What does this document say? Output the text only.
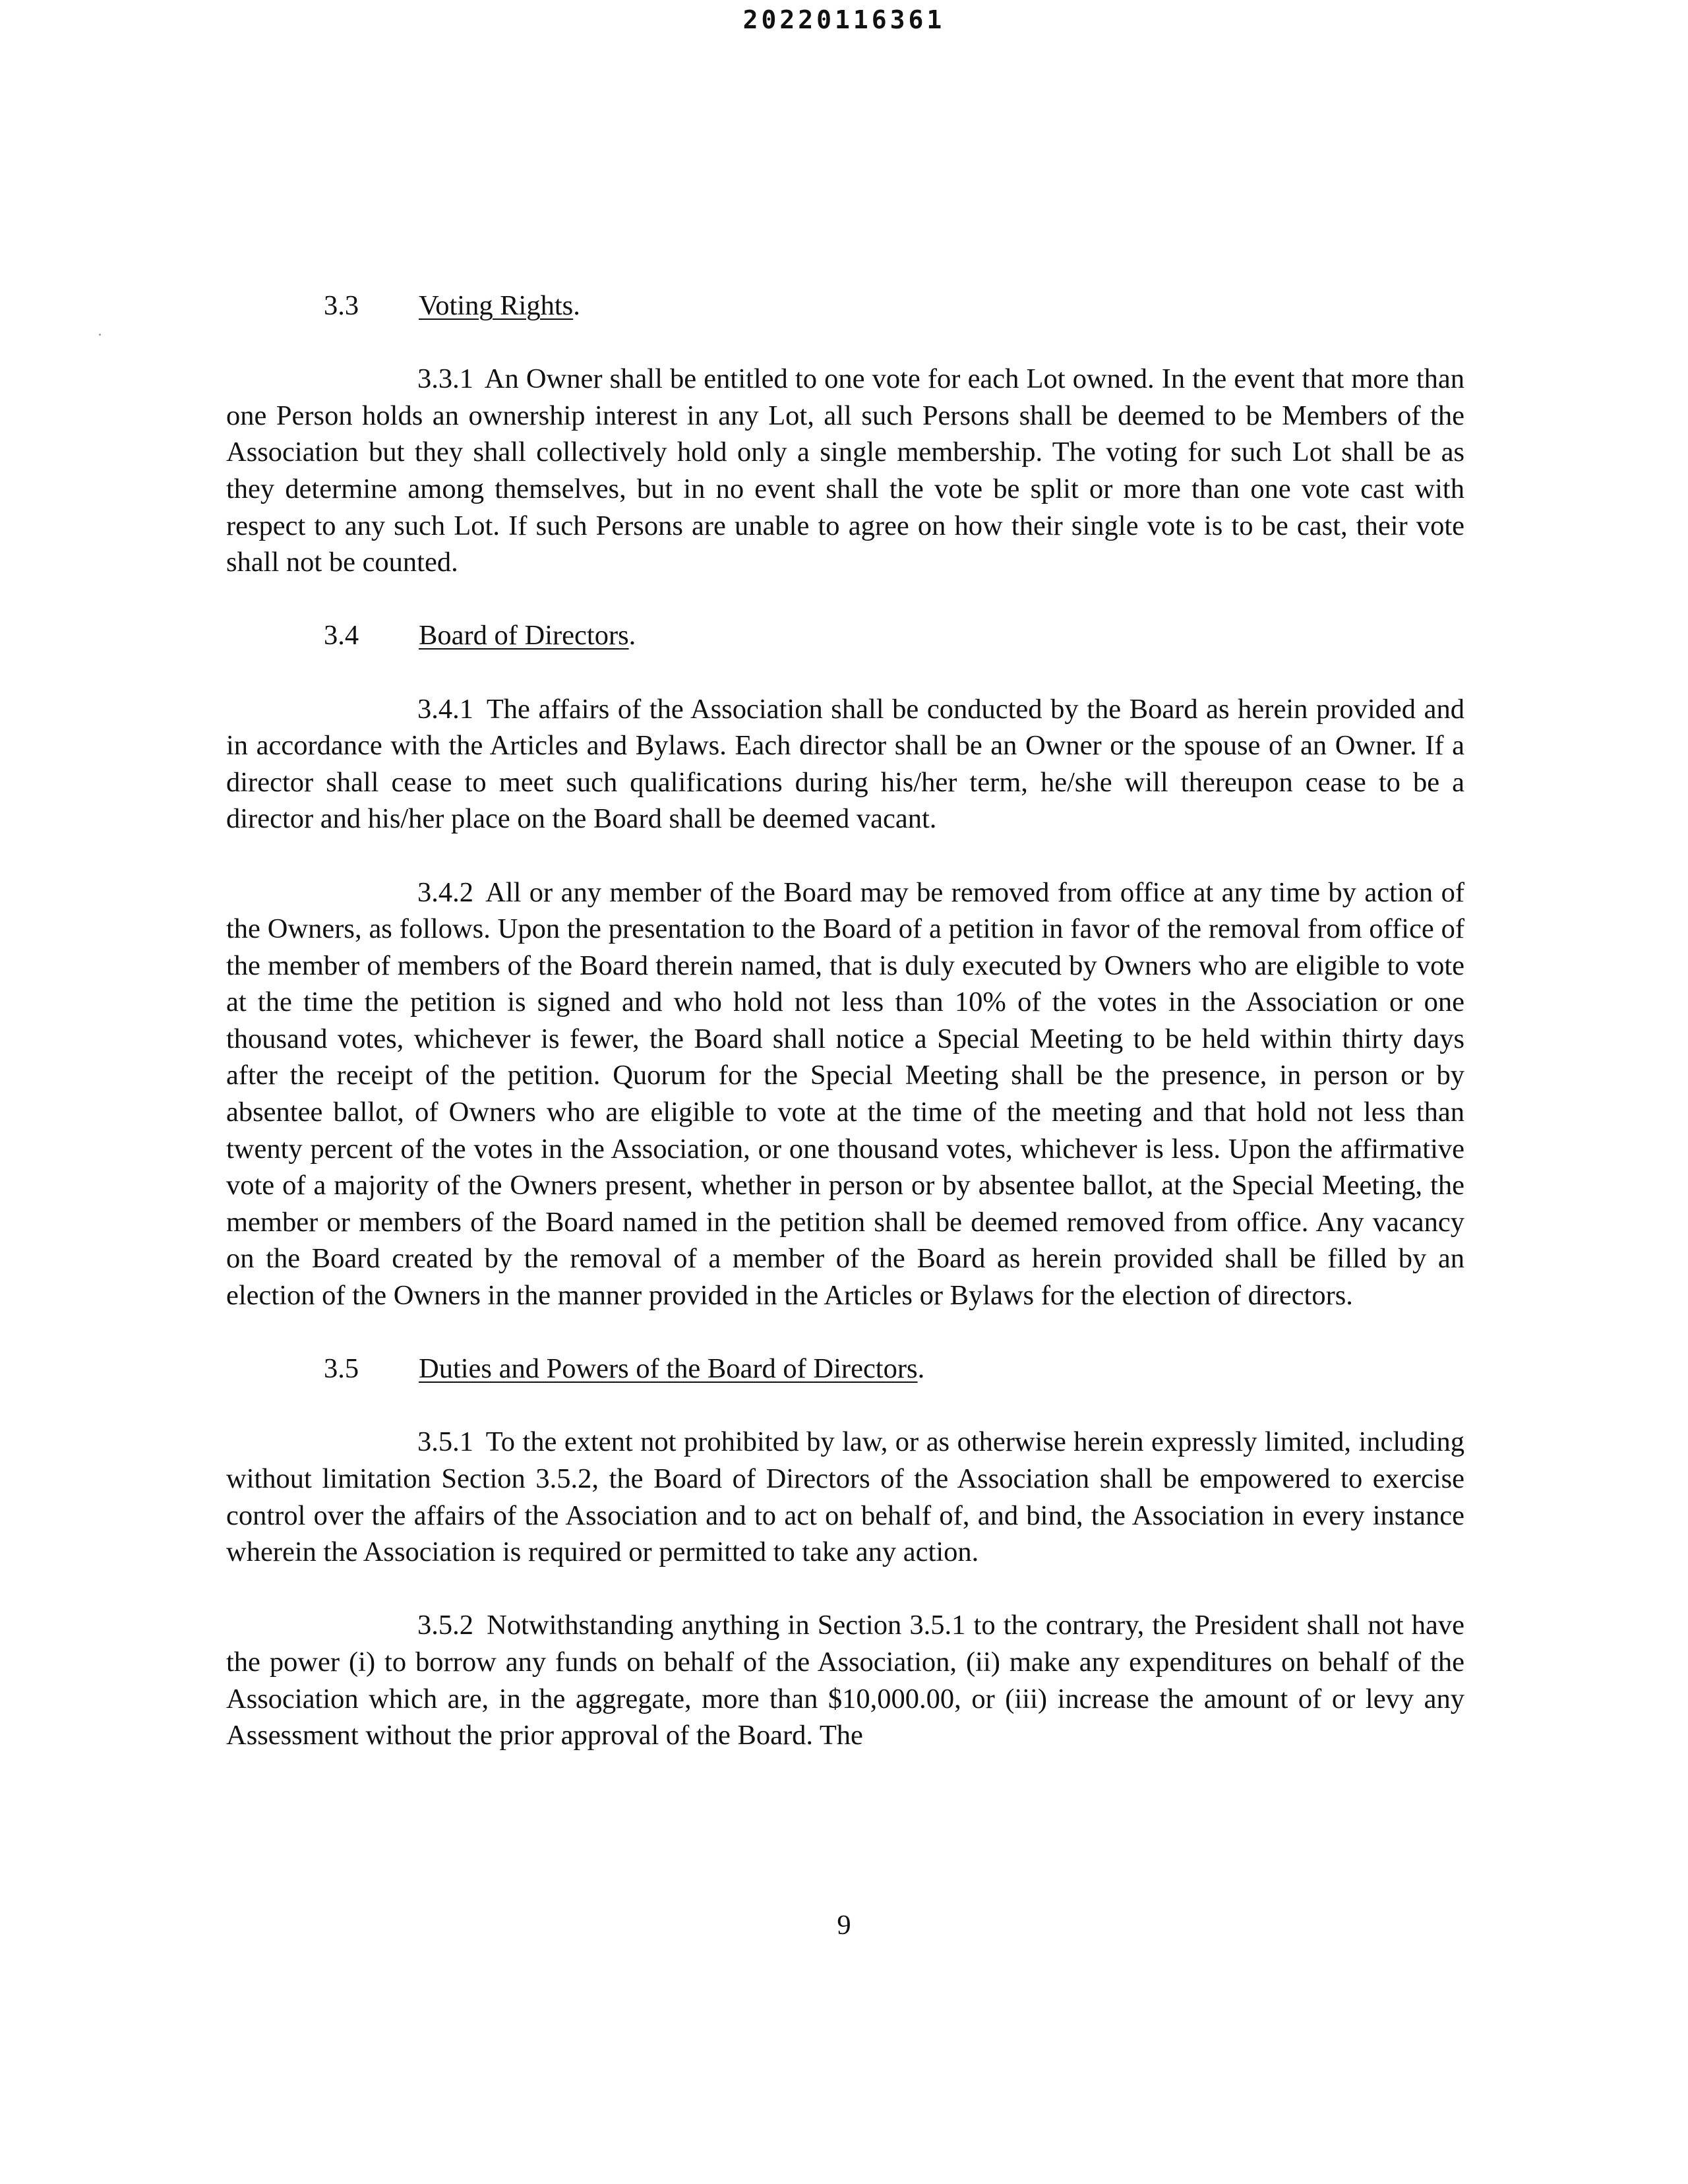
20220116361
3.3 Voting Rights.

3.3.1 An Owner shall be entitled to one vote for each Lot owned. In the event that more than one Person holds an ownership interest in any Lot, all such Persons shall be deemed to be Members of the Association but they shall collectively hold only a single membership. The voting for such Lot shall be as they determine among themselves, but in no event shall the vote be split or more than one vote cast with respect to any such Lot. If such Persons are unable to agree on how their single vote is to be cast, their vote shall not be counted.

3.4 Board of Directors.

3.4.1 The affairs of the Association shall be conducted by the Board as herein provided and in accordance with the Articles and Bylaws. Each director shall be an Owner or the spouse of an Owner. If a director shall cease to meet such qualifications during his/her term, he/she will thereupon cease to be a director and his/her place on the Board shall be deemed vacant.

3.4.2 All or any member of the Board may be removed from office at any time by action of the Owners, as follows. Upon the presentation to the Board of a petition in favor of the removal from office of the member of members of the Board therein named, that is duly executed by Owners who are eligible to vote at the time the petition is signed and who hold not less than 10% of the votes in the Association or one thousand votes, whichever is fewer, the Board shall notice a Special Meeting to be held within thirty days after the receipt of the petition. Quorum for the Special Meeting shall be the presence, in person or by absentee ballot, of Owners who are eligible to vote at the time of the meeting and that hold not less than twenty percent of the votes in the Association, or one thousand votes, whichever is less. Upon the affirmative vote of a majority of the Owners present, whether in person or by absentee ballot, at the Special Meeting, the member or members of the Board named in the petition shall be deemed removed from office. Any vacancy on the Board created by the removal of a member of the Board as herein provided shall be filled by an election of the Owners in the manner provided in the Articles or Bylaws for the election of directors.

3.5 Duties and Powers of the Board of Directors.

3.5.1 To the extent not prohibited by law, or as otherwise herein expressly limited, including without limitation Section 3.5.2, the Board of Directors of the Association shall be empowered to exercise control over the affairs of the Association and to act on behalf of, and bind, the Association in every instance wherein the Association is required or permitted to take any action.

3.5.2 Notwithstanding anything in Section 3.5.1 to the contrary, the President shall not have the power (i) to borrow any funds on behalf of the Association, (ii) make any expenditures on behalf of the Association which are, in the aggregate, more than $10,000.00, or (iii) increase the amount of or levy any Assessment without the prior approval of the Board. The

9
